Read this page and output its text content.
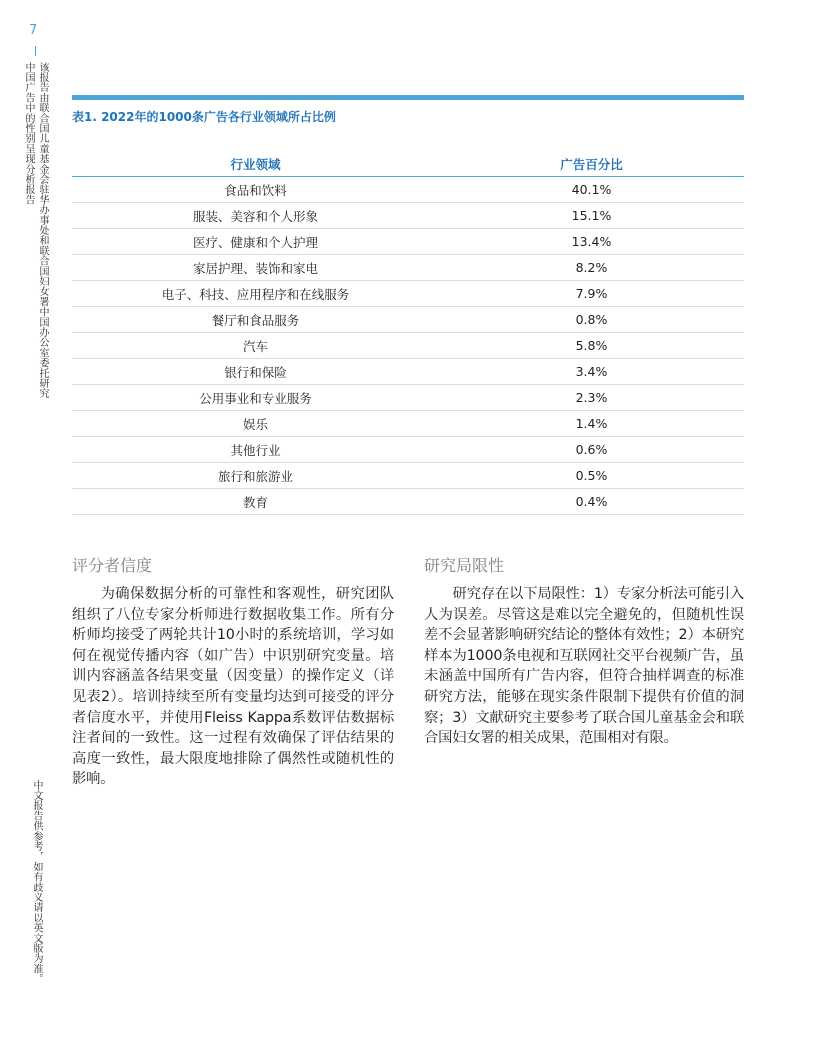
7
中国广告中的性别呈现分析报告 该报告由联合国儿童基金会驻华办事处和联合国妇女署中国办公室委托研究
中文报告供参考，如有歧义请以英文版为准。
表1. 2022年的1000条广告各行业领域所占比例
行业领域	广告百分比
食品和饮料	40.1%
服装、美容和个人形象	15.1%
医疗、健康和个人护理	13.4%
家居护理、装饰和家电	8.2%
电子、科技、应用程序和在线服务	7.9%
餐厅和食品服务	0.8%
汽车	5.8%
银行和保险	3.4%
公用事业和专业服务	2.3%
娱乐	1.4%
其他行业	0.6%
旅行和旅游业	0.5%
教育	0.4%
评分者信度

为确保数据分析的可靠性和客观性，研究团队组织了八位专家分析师进行数据收集工作。所有分析师均接受了两轮共计10小时的系统培训，学习如何在视觉传播内容（如广告）中识别研究变量。培训内容涵盖各结果变量（因变量）的操作定义（详见表2）。培训持续至所有变量均达到可接受的评分者信度水平，并使用Fleiss Kappa系数评估数据标注者间的一致性。这一过程有效确保了评估结果的高度一致性，最大限度地排除了偶然性或随机性的影响。

研究局限性

研究存在以下局限性：1）专家分析法可能引入人为误差。尽管这是难以完全避免的，但随机性误差不会显著影响研究结论的整体有效性；2）本研究样本为1000条电视和互联网社交平台视频广告，虽未涵盖中国所有广告内容，但符合抽样调查的标准研究方法，能够在现实条件限制下提供有价值的洞察；3）文献研究主要参考了联合国儿童基金会和联合国妇女署的相关成果，范围相对有限。
